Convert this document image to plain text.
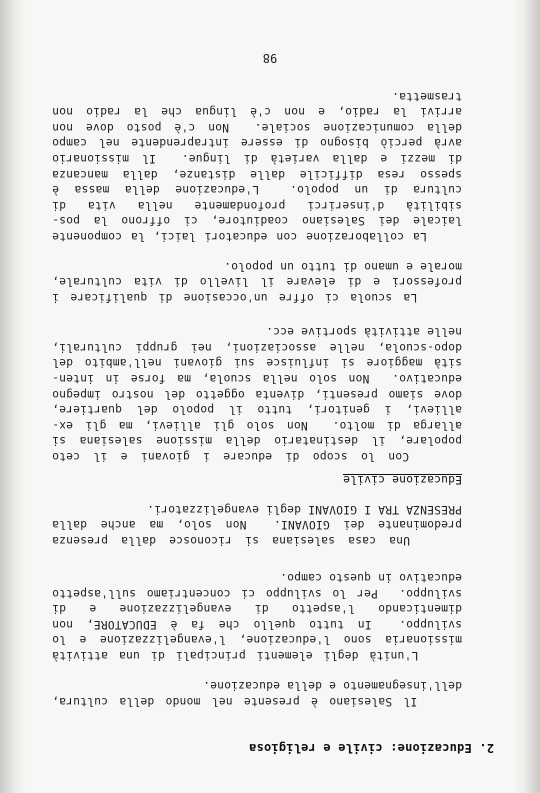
2. Educazione: civile e religiosa
Il Salesiano è presente nel mondo della cultura,
dell'insegnamento e della educazione.
L'unità degli elementi principali di una attività
missionaria sono l'educazione, l'evangelizzazione e lo
sviluppo.  In tutto quello che fa è EDUCATORE, non
dimenticando l'aspetto di evangelizzazione e di
sviluppo.  Per lo sviluppo ci concentriamo sull'aspetto
educativo in questo campo.
Una casa salesiana si riconosce dalla presenza
predominante dei GIOVANI.  Non solo, ma anche dalla
PRESENZA TRA I GIOVANI degli evangelizzatori.
Educazione civile
Con lo scopo di educare i giovani e il ceto
popolare, il destinatario della missione salesiana si
allarga di molto.  Non solo gli allievi, ma gli ex-
allievi, i genitori, tutto il popolo del quartiere,
dove siamo presenti, diventa oggetto del nostro impegno
educativo.  Non solo nella scuola, ma forse in inten-
sità maggiore si influisce sui giovani nell'ambito del
dopo-scuola, nelle associazioni, nei gruppi culturali,
nelle attività sportive ecc.
La scuola ci offre un'occasione di qualificare i
professori e di elevare il livello di vita culturale,
morale e umano di tutto un popolo.
La collaborazione con educatori laici, la componente
laicale dei Salesiano coadiutore, ci offrono la pos-
sibilità d'inserirci profondamente nella vita di
cultura di un popolo.  L'educazione della massa è
spesso resa difficile dalle distanze, dalla mancanza
di mezzi e dalla varietà di lingue.  Il missionario
avrà perciò bisogno di essere intraprendente nel campo
della comunicazione sociale.  Non c'è posto dove non
arrivi la radio, e non c'è lingua che la radio non
trasmetta.
98
